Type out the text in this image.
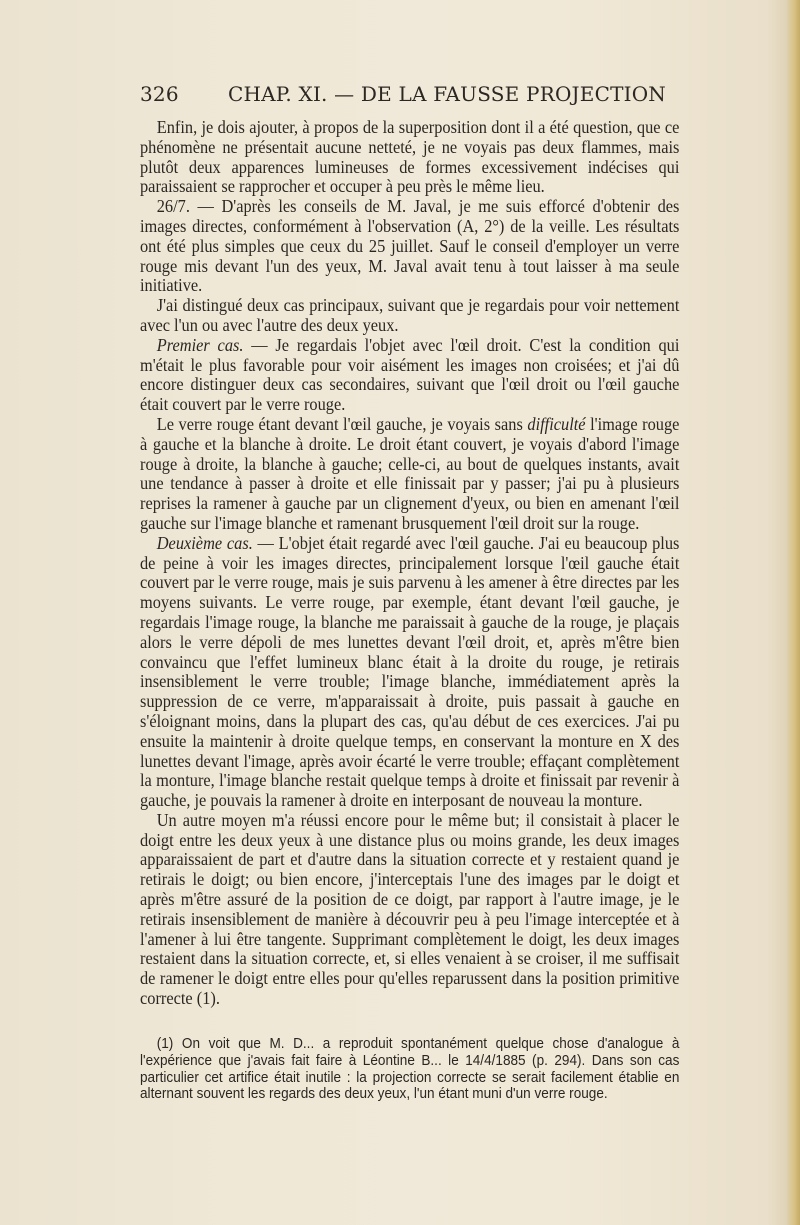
326 CHAP. XI. — DE LA FAUSSE PROJECTION

Enfin, je dois ajouter, à propos de la superposition dont il a été question, que ce phénomène ne présentait aucune netteté, je ne voyais pas deux flammes, mais plutôt deux apparences lumineuses de formes excessivement indécises qui paraissaient se rapprocher et occuper à peu près le même lieu.

26/7. — D'après les conseils de M. Javal, je me suis efforcé d'obtenir des images directes, conformément à l'observation (A, 2°) de la veille. Les résultats ont été plus simples que ceux du 25 juillet. Sauf le conseil d'employer un verre rouge mis devant l'un des yeux, M. Javal avait tenu à tout laisser à ma seule initiative.

J'ai distingué deux cas principaux, suivant que je regardais pour voir nettement avec l'un ou avec l'autre des deux yeux.

Premier cas. — Je regardais l'objet avec l'œil droit. C'est la condition qui m'était le plus favorable pour voir aisément les images non croisées; et j'ai dû encore distinguer deux cas secondaires, suivant que l'œil droit ou l'œil gauche était couvert par le verre rouge.

Le verre rouge étant devant l'œil gauche, je voyais sans difficulté l'image rouge à gauche et la blanche à droite. Le droit étant couvert, je voyais d'abord l'image rouge à droite, la blanche à gauche; celle-ci, au bout de quelques instants, avait une tendance à passer à droite et elle finissait par y passer; j'ai pu à plusieurs reprises la ramener à gauche par un clignement d'yeux, ou bien en amenant l'œil gauche sur l'image blanche et ramenant brusquement l'œil droit sur la rouge.

Deuxième cas. — L'objet était regardé avec l'œil gauche. J'ai eu beaucoup plus de peine à voir les images directes, principalement lorsque l'œil gauche était couvert par le verre rouge, mais je suis parvenu à les amener à être directes par les moyens suivants. Le verre rouge, par exemple, étant devant l'œil gauche, je regardais l'image rouge, la blanche me paraissait à gauche de la rouge, je plaçais alors le verre dépoli de mes lunettes devant l'œil droit, et, après m'être bien convaincu que l'effet lumineux blanc était à la droite du rouge, je retirais insensiblement le verre trouble; l'image blanche, immédiatement après la suppression de ce verre, m'apparaissait à droite, puis passait à gauche en s'éloignant moins, dans la plupart des cas, qu'au début de ces exercices. J'ai pu ensuite la maintenir à droite quelque temps, en conservant la monture en X des lunettes devant l'image, après avoir écarté le verre trouble; effaçant complètement la monture, l'image blanche restait quelque temps à droite et finissait par revenir à gauche, je pouvais la ramener à droite en interposant de nouveau la monture.

Un autre moyen m'a réussi encore pour le même but; il consistait à placer le doigt entre les deux yeux à une distance plus ou moins grande, les deux images apparaissaient de part et d'autre dans la situation correcte et y restaient quand je retirais le doigt; ou bien encore, j'interceptais l'une des images par le doigt et après m'être assuré de la position de ce doigt, par rapport à l'autre image, je le retirais insensiblement de manière à découvrir peu à peu l'image interceptée et à l'amener à lui être tangente. Supprimant complètement le doigt, les deux images restaient dans la situation correcte, et, si elles venaient à se croiser, il me suffisait de ramener le doigt entre elles pour qu'elles reparussent dans la position primitive correcte (1).

(1) On voit que M. D... a reproduit spontanément quelque chose d'analogue à l'expérience que j'avais fait faire à Léontine B... le 14/4/1885 (p. 294). Dans son cas particulier cet artifice était inutile : la projection correcte se serait facilement établie en alternant souvent les regards des deux yeux, l'un étant muni d'un verre rouge.
